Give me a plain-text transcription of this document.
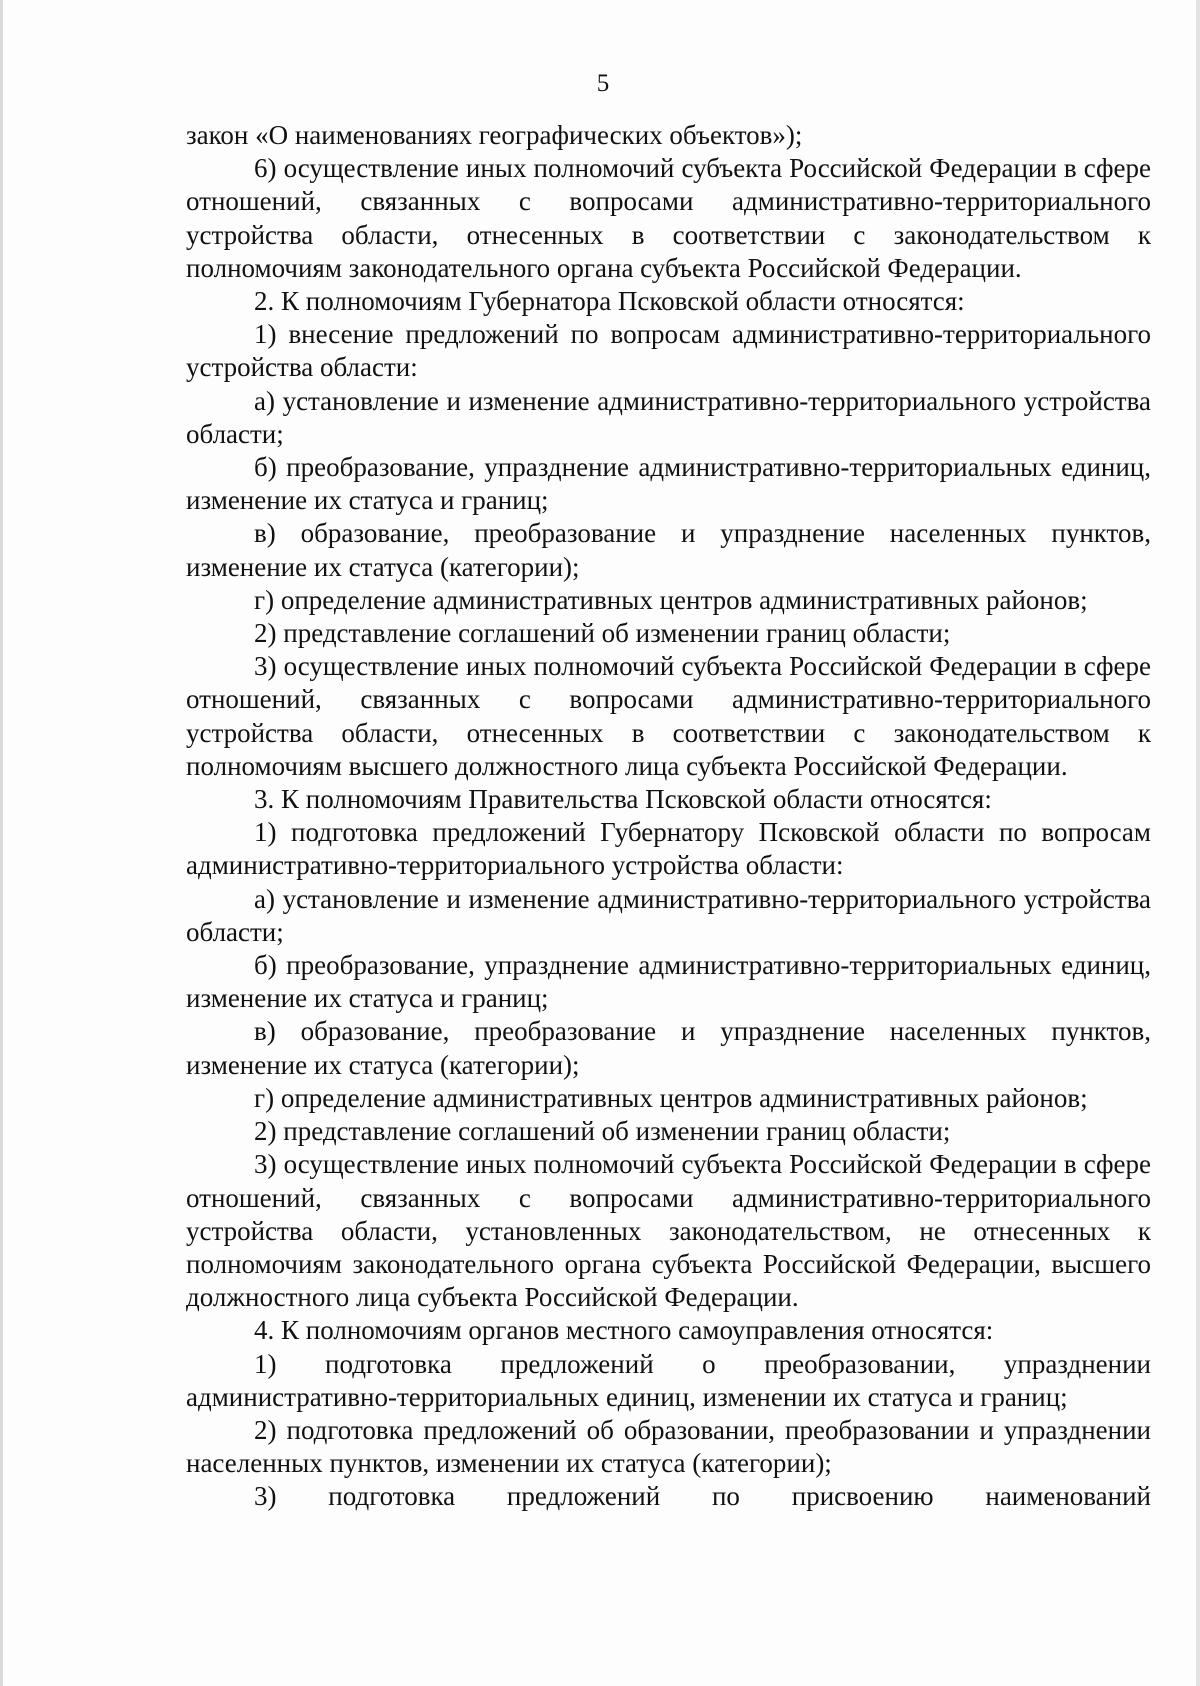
5

закон «О наименованиях географических объектов»);

6) осуществление иных полномочий субъекта Российской Федерации в сфере отношений, связанных с вопросами административно-территориального устройства области, отнесенных в соответствии с законодательством к полномочиям законодательного органа субъекта Российской Федерации.

2. К полномочиям Губернатора Псковской области относятся:

1) внесение предложений по вопросам административно-территориального устройства области:

а) установление и изменение административно-территориального устройства области;

б) преобразование, упразднение административно-территориальных единиц, изменение их статуса и границ;

в) образование, преобразование и упразднение населенных пунктов, изменение их статуса (категории);

г) определение административных центров административных районов;

2) представление соглашений об изменении границ области;

3) осуществление иных полномочий субъекта Российской Федерации в сфере отношений, связанных с вопросами административно-территориального устройства области, отнесенных в соответствии с законодательством к полномочиям высшего должностного лица субъекта Российской Федерации.

3. К полномочиям Правительства Псковской области относятся:

1) подготовка предложений Губернатору Псковской области по вопросам административно-территориального устройства области:

а) установление и изменение административно-территориального устройства области;

б) преобразование, упразднение административно-территориальных единиц, изменение их статуса и границ;

в) образование, преобразование и упразднение населенных пунктов, изменение их статуса (категории);

г) определение административных центров административных районов;

2) представление соглашений об изменении границ области;

3) осуществление иных полномочий субъекта Российской Федерации в сфере отношений, связанных с вопросами административно-территориального устройства области, установленных законодательством, не отнесенных к полномочиям законодательного органа субъекта Российской Федерации, высшего должностного лица субъекта Российской Федерации.

4. К полномочиям органов местного самоуправления относятся:

1) подготовка предложений о преобразовании, упразднении административно-территориальных единиц, изменении их статуса и границ;

2) подготовка предложений об образовании, преобразовании и упразднении населенных пунктов, изменении их статуса (категории);

3) подготовка предложений по присвоению наименований
